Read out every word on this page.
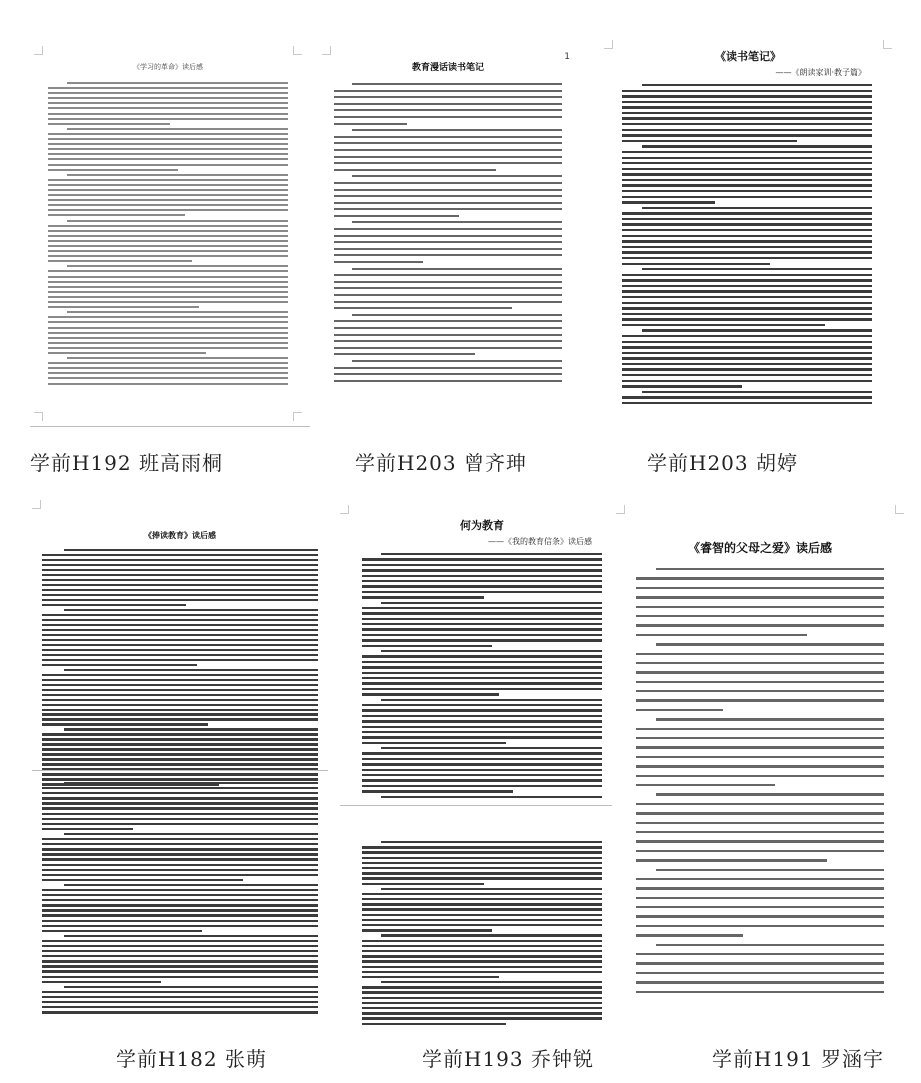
《学习的革命》读后感
学前H192 班高雨桐
1
教育漫话读书笔记
学前H203 曾齐珅
《读书笔记》
——《朗读家训·教子篇》
学前H203 胡婷
《捧读教育》读后感
学前H182 张萌
何为教育
——《我的教育信条》读后感
学前H193 乔钟锐
《睿智的父母之爱》读后感
学前H191 罗涵宇
